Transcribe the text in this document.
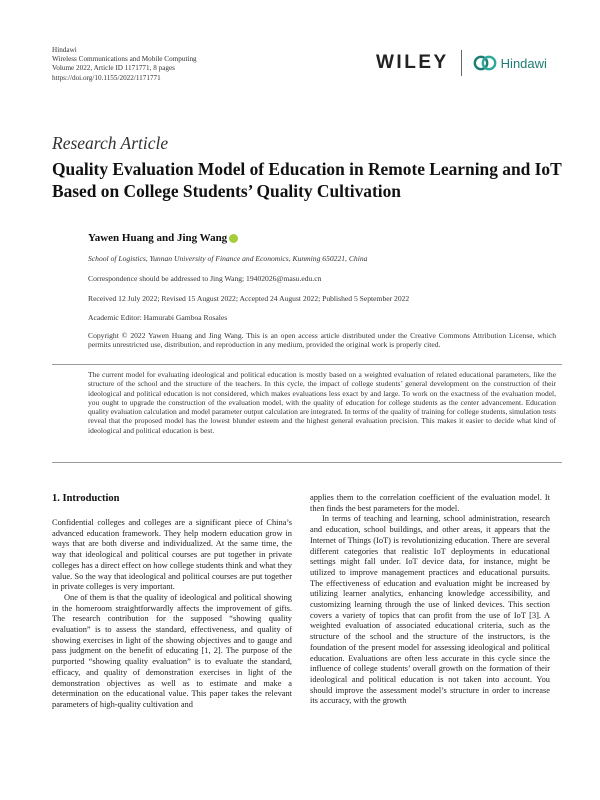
Hindawi
Wireless Communications and Mobile Computing
Volume 2022, Article ID 1171771, 8 pages
https://doi.org/10.1155/2022/1171771
WILEY	Hindawi
Research Article
Quality Evaluation Model of Education in Remote Learning and IoT Based on College Students’ Quality Cultivation
Yawen Huang and Jing Wang
School of Logistics, Yunnan University of Finance and Economics, Kunming 650221, China
Correspondence should be addressed to Jing Wang; 19402026@masu.edu.cn
Received 12 July 2022; Revised 15 August 2022; Accepted 24 August 2022; Published 5 September 2022
Academic Editor: Hamurabi Gamboa Rosales
Copyright © 2022 Yawen Huang and Jing Wang. This is an open access article distributed under the Creative Commons Attribution License, which permits unrestricted use, distribution, and reproduction in any medium, provided the original work is properly cited.
The current model for evaluating ideological and political education is mostly based on a weighted evaluation of related educational parameters, like the structure of the school and the structure of the teachers. In this cycle, the impact of college students’ general development on the construction of their ideological and political education is not considered, which makes evaluations less exact by and large. To work on the exactness of the evaluation model, you ought to upgrade the construction of the evaluation model, with the quality of education for college students as the center advancement. Education quality evaluation calculation and model parameter output calculation are integrated. In terms of the quality of training for college students, simulation tests reveal that the proposed model has the lowest blunder esteem and the highest general evaluation precision. This makes it easier to decide what kind of ideological and political education is best.
1. Introduction

Confidential colleges and colleges are a significant piece of China’s advanced education framework. They help modern education grow in ways that are both diverse and individualized. At the same time, the way that ideological and political courses are put together in private colleges has a direct effect on how college students think and what they value. So the way that ideological and political courses are put together in private colleges is very important.

One of them is that the quality of ideological and political showing in the homeroom straightforwardly affects the improvement of gifts. The research contribution for the supposed “showing quality evaluation” is to assess the standard, effectiveness, and quality of showing exercises in light of the showing objectives and to gauge and pass judgment on the benefit of educating [1, 2]. The purpose of the purported “showing quality evaluation” is to evaluate the standard, efficacy, and quality of demonstration exercises in light of the demonstration objectives as well as to estimate and make a determination on the educational value. This paper takes the relevant parameters of high-quality cultivation and

applies them to the correlation coefficient of the evaluation model. It then finds the best parameters for the model.

In terms of teaching and learning, school administration, research and education, school buildings, and other areas, it appears that the Internet of Things (IoT) is revolutionizing education. There are several different categories that realistic IoT deployments in educational settings might fall under. IoT device data, for instance, might be utilized to improve management practices and educational pursuits. The effectiveness of education and evaluation might be increased by utilizing learner analytics, enhancing knowledge accessibility, and customizing learning through the use of linked devices. This section covers a variety of topics that can profit from the use of IoT [3]. A weighted evaluation of associated educational criteria, such as the structure of the school and the structure of the instructors, is the foundation of the present model for assessing ideological and political education. Evaluations are often less accurate in this cycle since the influence of college students’ overall growth on the formation of their ideological and political education is not taken into account. You should improve the assessment model’s structure in order to increase its accuracy, with the growth
